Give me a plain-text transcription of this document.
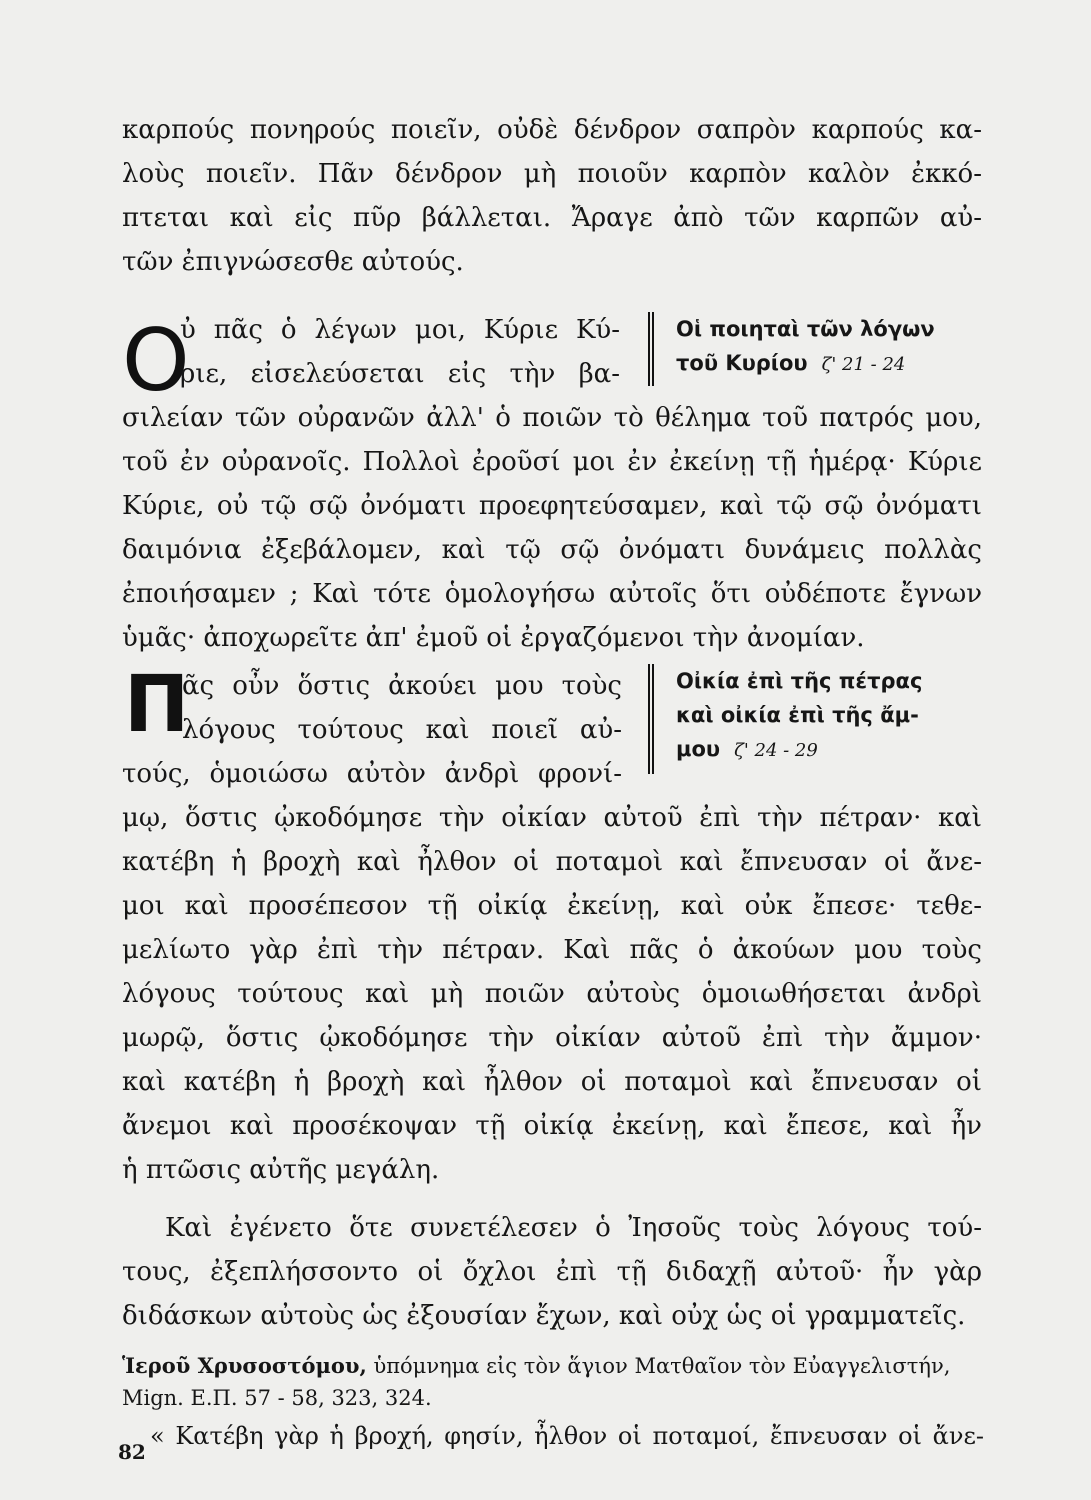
καρπούς πονηρούς ποιεῖν, οὐδὲ δένδρον σαπρὸν καρπούς κα-
λοὺς ποιεῖν. Πᾶν δένδρον μὴ ποιοῦν καρπὸν καλὸν ἐκκό-
πτεται καὶ εἰς πῦρ βάλλεται. Ἄραγε ἀπὸ τῶν καρπῶν αὐ-
τῶν ἐπιγνώσεσθε αὐτούς.
Ο
ὐ πᾶς ὁ λέγων μοι, Κύριε Κύ-
ριε, εἰσελεύσεται εἰς τὴν βα-
Οἱ ποιηταὶ τῶν λόγων
τοῦ Κυρίου ζ' 21 - 24
σιλείαν τῶν οὐρανῶν ἀλλ' ὁ ποιῶν τὸ θέλημα τοῦ πατρός μου,
τοῦ ἐν οὐρανοῖς. Πολλοὶ ἐροῦσί μοι ἐν ἐκείνῃ τῇ ἡμέρᾳ· Κύριε
Κύριε, οὐ τῷ σῷ ὀνόματι προεφητεύσαμεν, καὶ τῷ σῷ ὀνόματι
δαιμόνια ἐξεβάλομεν, καὶ τῷ σῷ ὀνόματι δυνάμεις πολλὰς
ἐποιήσαμεν ; Καὶ τότε ὁμολογήσω αὐτοῖς ὅτι οὐδέποτε ἔγνων
ὑμᾶς· ἀποχωρεῖτε ἀπ' ἐμοῦ οἱ ἐργαζόμενοι τὴν ἀνομίαν.
Π
ᾶς οὖν ὅστις ἀκούει μου τοὺς
λόγους τούτους καὶ ποιεῖ αὐ-
τούς, ὁμοιώσω αὐτὸν ἀνδρὶ φρονί-
Οἰκία ἐπὶ τῆς πέτρας
καὶ οἰκία ἐπὶ τῆς ἄμ-
μου ζ' 24 - 29
μῳ, ὅστις ᾠκοδόμησε τὴν οἰκίαν αὐτοῦ ἐπὶ τὴν πέτραν· καὶ
κατέβη ἡ βροχὴ καὶ ἦλθον οἱ ποταμοὶ καὶ ἔπνευσαν οἱ ἄνε-
μοι καὶ προσέπεσον τῇ οἰκίᾳ ἐκείνῃ, καὶ οὐκ ἔπεσε· τεθε-
μελίωτο γὰρ ἐπὶ τὴν πέτραν. Καὶ πᾶς ὁ ἀκούων μου τοὺς
λόγους τούτους καὶ μὴ ποιῶν αὐτοὺς ὁμοιωθήσεται ἀνδρὶ
μωρῷ, ὅστις ᾠκοδόμησε τὴν οἰκίαν αὐτοῦ ἐπὶ τὴν ἄμμον·
καὶ κατέβη ἡ βροχὴ καὶ ἦλθον οἱ ποταμοὶ καὶ ἔπνευσαν οἱ
ἄνεμοι καὶ προσέκοψαν τῇ οἰκίᾳ ἐκείνῃ, καὶ ἔπεσε, καὶ ἦν
ἡ πτῶσις αὐτῆς μεγάλη.
Καὶ ἐγένετο ὅτε συνετέλεσεν ὁ Ἰησοῦς τοὺς λόγους τού-
τους, ἐξεπλήσσοντο οἱ ὄχλοι ἐπὶ τῇ διδαχῇ αὐτοῦ· ἦν γὰρ
διδάσκων αὐτοὺς ὡς ἐξουσίαν ἔχων, καὶ οὐχ ὡς οἱ γραμματεῖς.
Ἱεροῦ Χρυσοστόμου, ὑπόμνημα εἰς τὸν ἅγιον Ματθαῖον τὸν Εὐαγγελιστήν,
Mign. Ε.Π. 57 - 58, 323, 324.
« Κατέβη γὰρ ἡ βροχή, φησίν, ἦλθον οἱ ποταμοί, ἔπνευσαν οἱ ἄνε-
82
